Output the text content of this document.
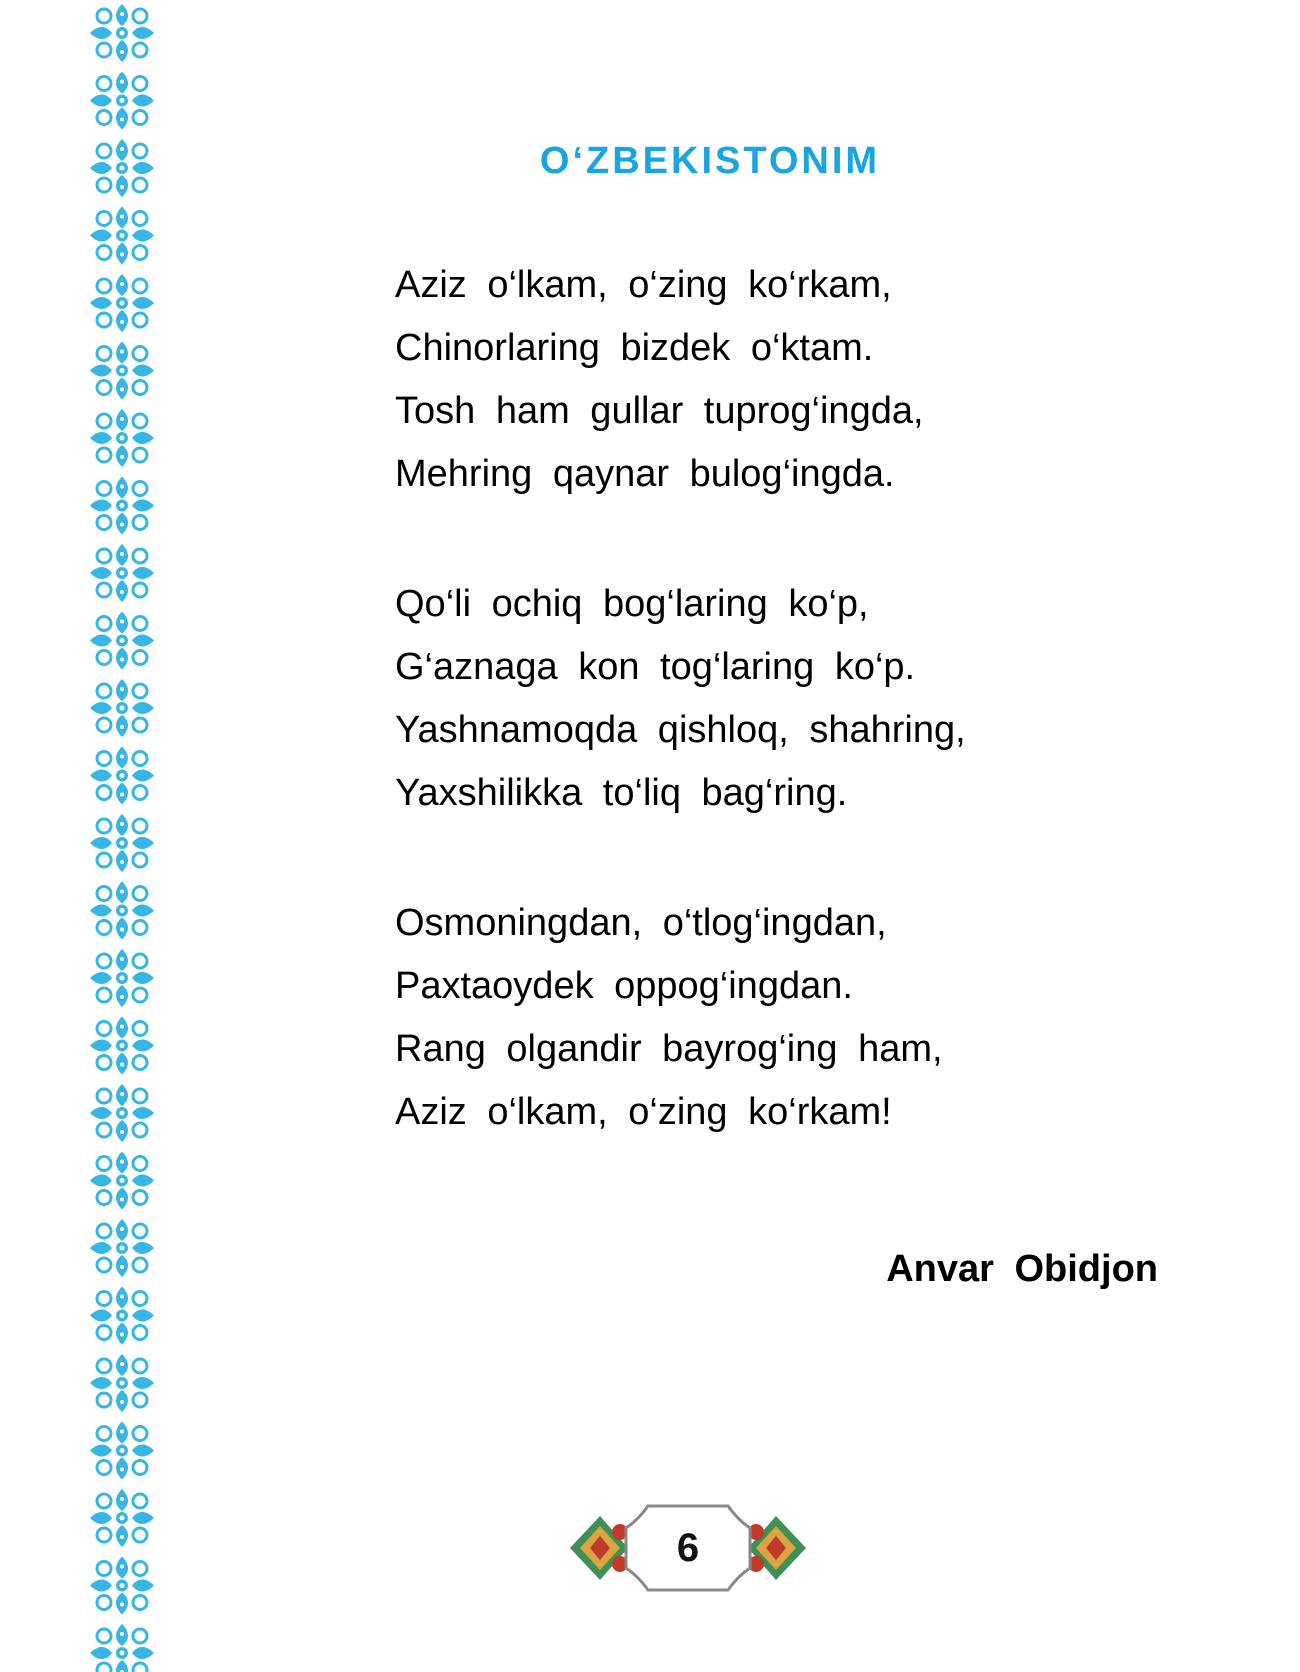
O‘ZBEKISTONIM
Aziz o‘lkam, o‘zing ko‘rkam,
Chinorlaring bizdek o‘ktam.
Tosh ham gullar tuprog‘ingda,
Mehring qaynar bulog‘ingda.
Qo‘li ochiq bog‘laring ko‘p,
G‘aznaga kon tog‘laring ko‘p.
Yashnamoqda qishloq, shahring,
Yaxshilikka to‘liq bag‘ring.
Osmoningdan, o‘tlog‘ingdan,
Paxtaoydek oppog‘ingdan.
Rang olgandir bayrog‘ing ham,
Aziz o‘lkam, o‘zing ko‘rkam!
Anvar Obidjon
6
